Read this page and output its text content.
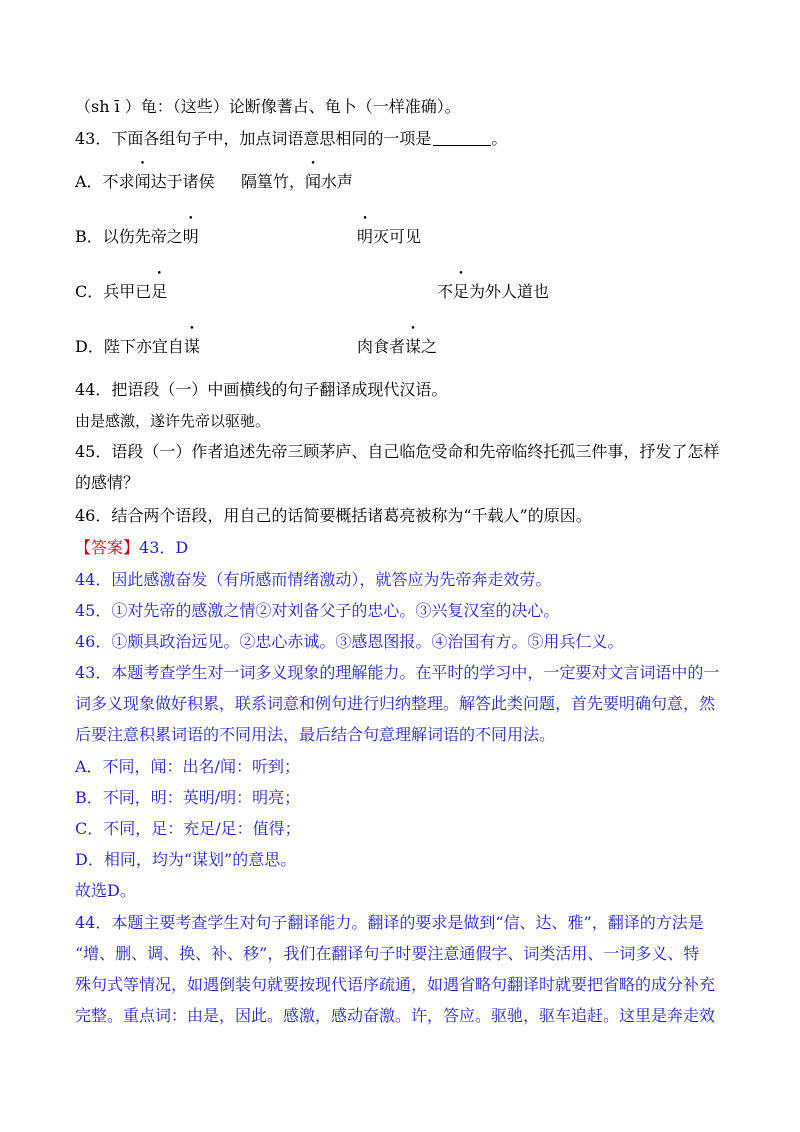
（sh ī ）龟：（这些）论断像蓍占、龟卜（一样准确）。
43．下面各组句子中，加点词语意思相同的一项是	。
A．不求闻达于诸侯 隔篁竹，闻水声
B．以伤先帝之明	明灭可见
C．兵甲已足	不足为外人道也
D．陛下亦宜自谋	肉食者谋之
44．把语段（一）中画横线的句子翻译成现代汉语。
由是感激，遂许先帝以驱驰。
45．语段（一）作者追述先帝三顾茅庐、自己临危受命和先帝临终托孤三件事，抒发了怎样
的感情？
46．结合两个语段，用自己的话简要概括诸葛亮被称为“千载人”的原因。
【答案】43．D
44．因此感激奋发（有所感而情绪激动），就答应为先帝奔走效劳。
45．①对先帝的感激之情②对刘备父子的忠心。③兴复汉室的决心。
46．①颇具政治远见。②忠心赤诚。③感恩图报。④治国有方。⑤用兵仁义。
43．本题考查学生对一词多义现象的理解能力。在平时的学习中，一定要对文言词语中的一
词多义现象做好积累，联系词意和例句进行归纳整理。解答此类问题，首先要明确句意，然
后要注意积累词语的不同用法，最后结合句意理解词语的不同用法。
A．不同，闻：出名/闻：听到；
B．不同，明：英明/明：明亮；
C．不同，足：充足/足：值得；
D．相同，均为“谋划”的意思。
故选D。
44．本题主要考查学生对句子翻译能力。翻译的要求是做到“信、达、雅”，翻译的方法是
“增、删、调、换、补、移”，我们在翻译句子时要注意通假字、词类活用、一词多义、特
殊句式等情况，如遇倒装句就要按现代语序疏通，如遇省略句翻译时就要把省略的成分补充
完整。重点词：由是，因此。感激，感动奋激。许，答应。驱驰，驱车追赶。这里是奔走效
